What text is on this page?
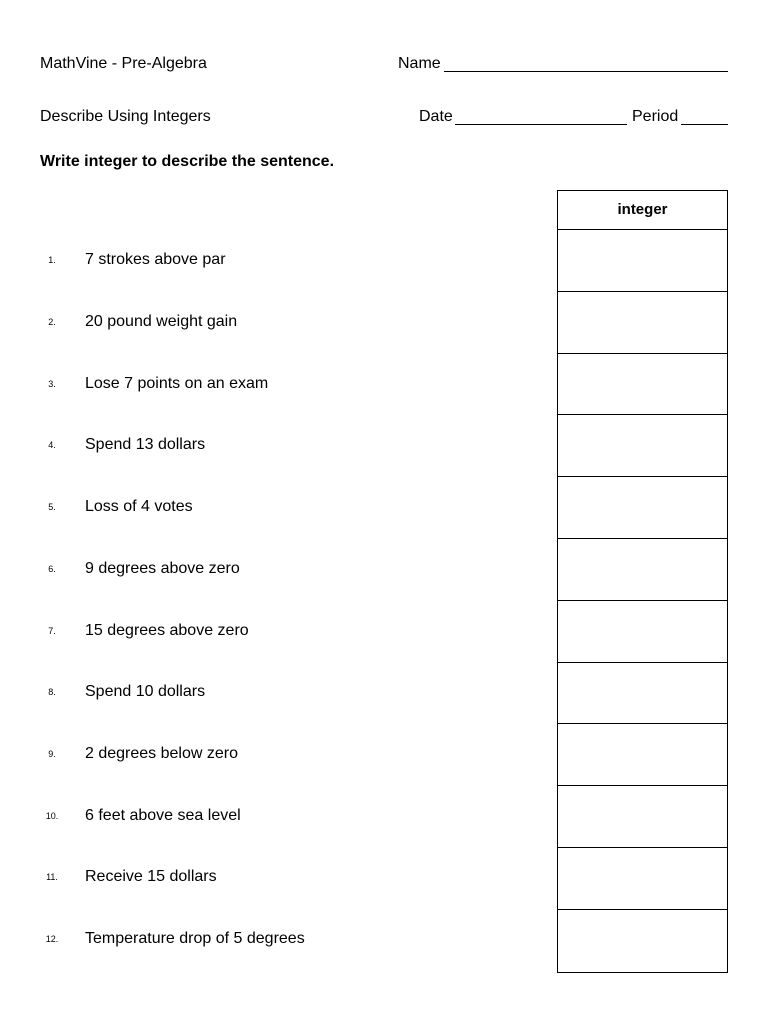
MathVine - Pre-Algebra	Name
Describe Using Integers	Date	Period
Write integer to describe the sentence.
integer
1.	7 strokes above par
2.	20 pound weight gain
3.	Lose 7 points on an exam
4.	Spend 13 dollars
5.	Loss of 4 votes
6.	9 degrees above zero
7.	15 degrees above zero
8.	Spend 10 dollars
9.	2 degrees below zero
10.	6 feet above sea level
11.	Receive 15 dollars
12.	Temperature drop of 5 degrees
